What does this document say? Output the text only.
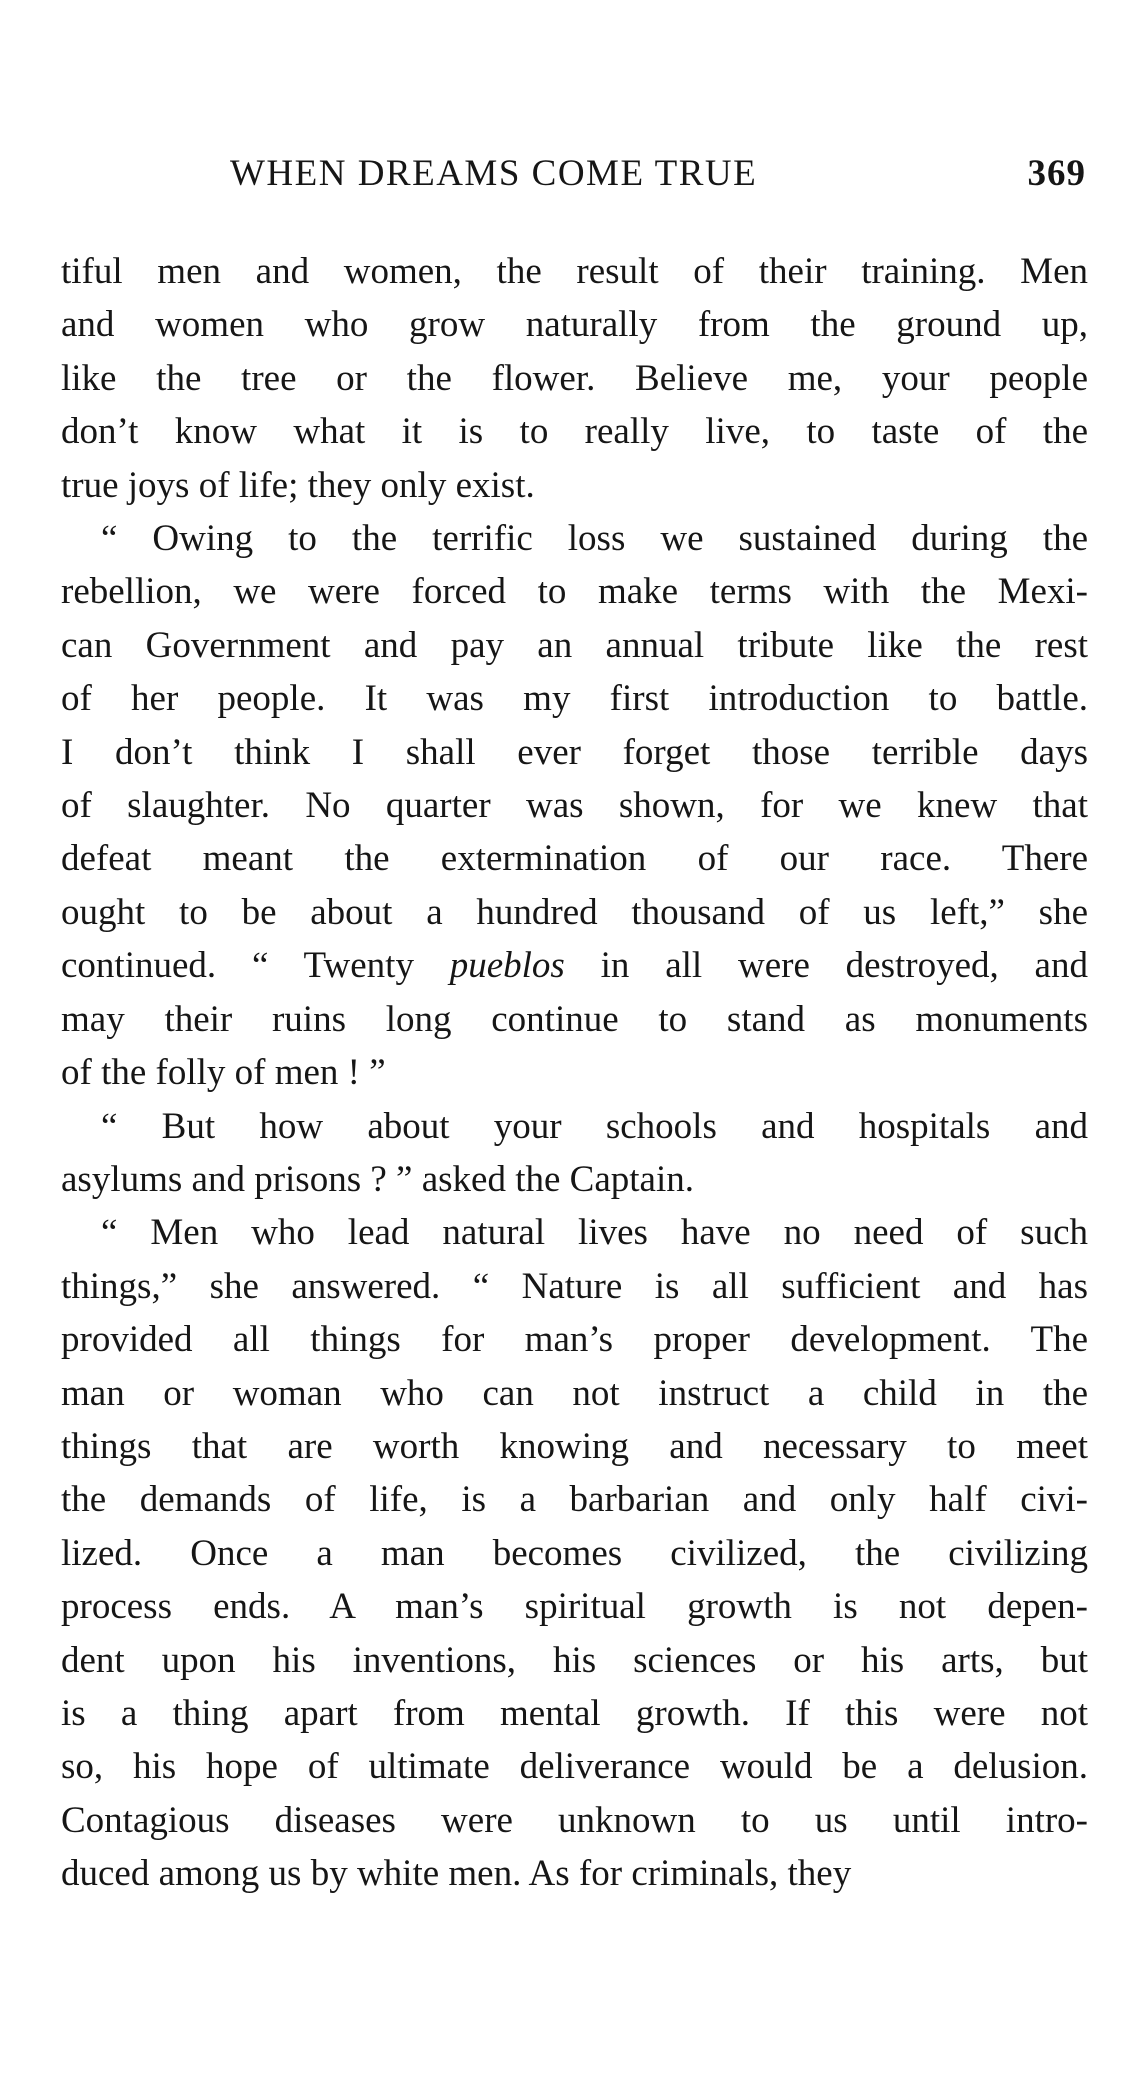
WHEN DREAMS COME TRUE	369

tiful men and women, the result of their training. Men

and women who grow naturally from the ground up,

like the tree or the flower. Believe me, your people

don’t know what it is to really live, to taste of the

true joys of life; they only exist.

“ Owing to the terrific loss we sustained during the

rebellion, we were forced to make terms with the Mexi-

can Government and pay an annual tribute like the rest

of her people. It was my first introduction to battle.

I don’t think I shall ever forget those terrible days

of slaughter. No quarter was shown, for we knew that

defeat meant the extermination of our race. There

ought to be about a hundred thousand of us left,” she

continued. “ Twenty pueblos in all were destroyed, and

may their ruins long continue to stand as monuments

of the folly of men ! ”

“ But how about your schools and hospitals and

asylums and prisons ? ” asked the Captain.

“ Men who lead natural lives have no need of such

things,” she answered. “ Nature is all sufficient and has

provided all things for man’s proper development. The

man or woman who can not instruct a child in the

things that are worth knowing and necessary to meet

the demands of life, is a barbarian and only half civi-

lized. Once a man becomes civilized, the civilizing

process ends. A man’s spiritual growth is not depen-

dent upon his inventions, his sciences or his arts, but

is a thing apart from mental growth. If this were not

so, his hope of ultimate deliverance would be a delusion.

Contagious diseases were unknown to us until intro-

duced among us by white men. As for criminals, they
